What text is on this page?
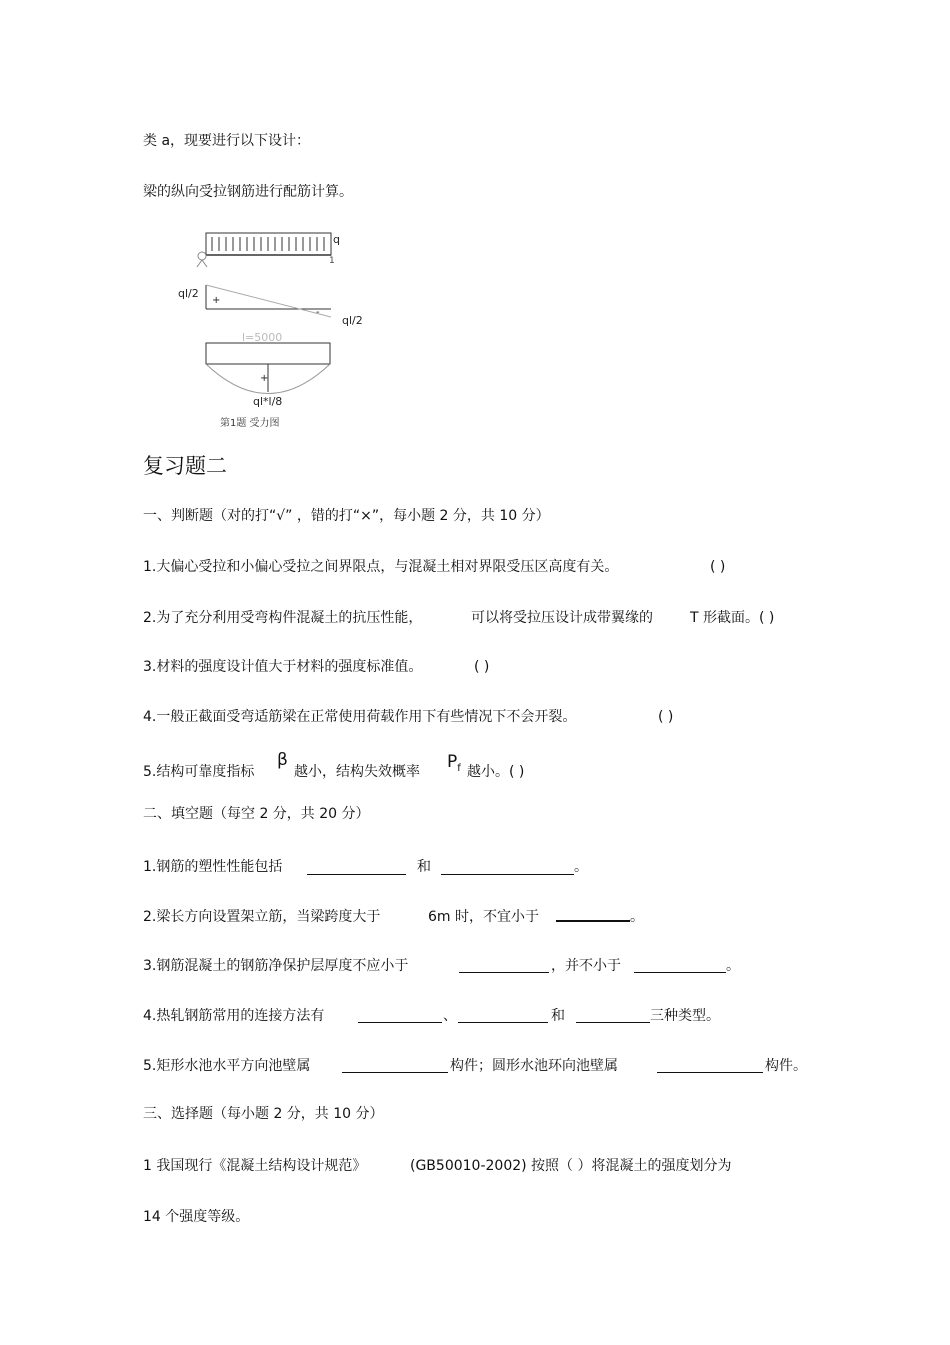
类 a，现要进行以下设计：
梁的纵向受拉钢筋进行配筋计算。
q
1
ql/2
+
-
ql/2
l=5000
+
ql*l/8
第1题 受力图
复习题二
一、判断题（对的打“√” ，错的打“×”，每小题 2 分，共 10 分）
1.大偏心受拉和小偏心受拉之间界限点，与混凝土相对界限受压区高度有关。	( )
2.为了充分利用受弯构件混凝土的抗压性能，	可以将受拉压设计成带翼缘的	T 形截面。( )
3.材料的强度设计值大于材料的强度标准值。	( )
4.一般正截面受弯适筋梁在正常使用荷载作用下有些情况下不会开裂。	( )
5.结构可靠度指标
β
越小，结构失效概率 $P_f$ 越小。( )
二、填空题（每空 2 分，共 20 分）
1.钢筋的塑性性能包括	和	。
2.梁长方向设置架立筋，当梁跨度大于	6m 时，不宜小于	。
3.钢筋混凝土的钢筋净保护层厚度不应小于	，并不小于	。
4.热轧钢筋常用的连接方法有	、	和	三种类型。
5.矩形水池水平方向池壁属	构件；圆形水池环向池壁属	构件。
三、选择题（每小题 2 分，共 10 分）
1 我国现行《混凝土结构设计规范》	(GB50010-2002) 按照（ ）将混凝土的强度划分为
14 个强度等级。
